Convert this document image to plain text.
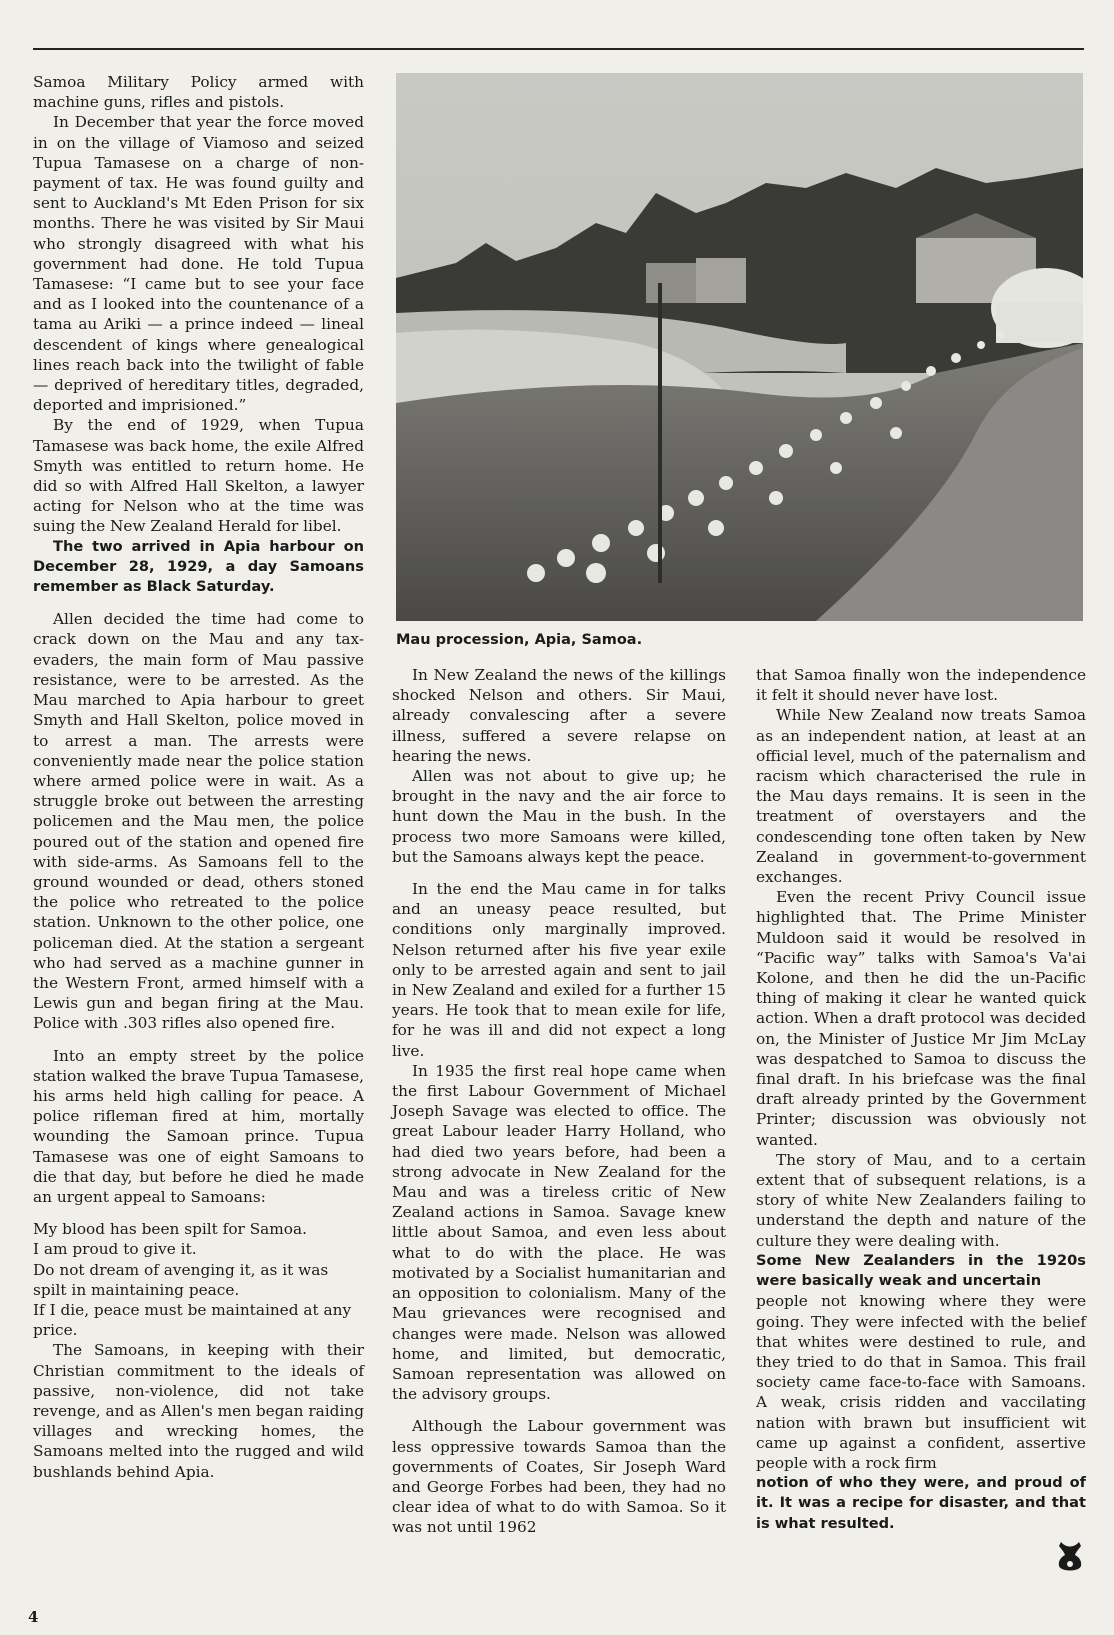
Samoa Military Policy armed with machine guns, rifles and pistols.

In December that year the force moved in on the village of Viamoso and seized Tupua Tamasese on a charge of non-payment of tax. He was found guilty and sent to Auckland's Mt Eden Prison for six months. There he was visited by Sir Maui who strongly disagreed with what his government had done. He told Tupua Tamasese: “I came but to see your face and as I looked into the countenance of a tama au Ariki — a prince indeed — lineal descendent of kings where genealogical lines reach back into the twilight of fable — deprived of hereditary titles, degraded, deported and imprisioned.”

By the end of 1929, when Tupua Tamasese was back home, the exile Alfred Smyth was entitled to return home. He did so with Alfred Hall Skelton, a lawyer acting for Nelson who at the time was suing the New Zealand Herald for libel.

The two arrived in Apia harbour on December 28, 1929, a day Samoans remember as Black Saturday.

Allen decided the time had come to crack down on the Mau and any tax-evaders, the main form of Mau passive resistance, were to be arrested. As the Mau marched to Apia harbour to greet Smyth and Hall Skelton, police moved in to arrest a man. The arrests were conveniently made near the police station where armed police were in wait. As a struggle broke out between the arresting policemen and the Mau men, the police poured out of the station and opened fire with side-arms. As Samoans fell to the ground wounded or dead, others stoned the police who retreated to the police station. Unknown to the other police, one policeman died. At the station a sergeant who had served as a machine gunner in the Western Front, armed himself with a Lewis gun and began firing at the Mau. Police with .303 rifles also opened fire.

Into an empty street by the police station walked the brave Tupua Tamasese, his arms held high calling for peace. A police rifleman fired at him, mortally wounding the Samoan prince. Tupua Tamasese was one of eight Samoans to die that day, but before he died he made an urgent appeal to Samoans:

My blood has been spilt for Samoa.

I am proud to give it.

Do not dream of avenging it, as it was spilt in maintaining peace.

If I die, peace must be maintained at any price.

The Samoans, in keeping with their Christian commitment to the ideals of passive, non-violence, did not take revenge, and as Allen's men began raiding villages and wrecking homes, the Samoans melted into the rugged and wild bushlands behind Apia.

Mau procession, Apia, Samoa.

In New Zealand the news of the killings shocked Nelson and others. Sir Maui, already convalescing after a severe illness, suffered a severe relapse on hearing the news.

Allen was not about to give up; he brought in the navy and the air force to hunt down the Mau in the bush. In the process two more Samoans were killed, but the Samoans always kept the peace.

In the end the Mau came in for talks and an uneasy peace resulted, but conditions only marginally improved. Nelson returned after his five year exile only to be arrested again and sent to jail in New Zealand and exiled for a further 15 years. He took that to mean exile for life, for he was ill and did not expect a long live.

In 1935 the first real hope came when the first Labour Government of Michael Joseph Savage was elected to office. The great Labour leader Harry Holland, who had died two years before, had been a strong advocate in New Zealand for the Mau and was a tireless critic of New Zealand actions in Samoa. Savage knew little about Samoa, and even less about what to do with the place. He was motivated by a Socialist humanitarian and an opposition to colonialism. Many of the Mau grievances were recognised and changes were made. Nelson was allowed home, and limited, but democratic, Samoan representation was allowed on the advisory groups.

Although the Labour government was less oppressive towards Samoa than the governments of Coates, Sir Joseph Ward and George Forbes had been, they had no clear idea of what to do with Samoa. So it was not until 1962

that Samoa finally won the independence it felt it should never have lost.

While New Zealand now treats Samoa as an independent nation, at least at an official level, much of the paternalism and racism which characterised the rule in the Mau days remains. It is seen in the treatment of overstayers and the condescending tone often taken by New Zealand in government-to-government exchanges.

Even the recent Privy Council issue highlighted that. The Prime Minister Muldoon said it would be resolved in “Pacific way” talks with Samoa's Va'ai Kolone, and then he did the un-Pacific thing of making it clear he wanted quick action. When a draft protocol was decided on, the Minister of Justice Mr Jim McLay was despatched to Samoa to discuss the final draft. In his briefcase was the final draft already printed by the Government Printer; discussion was obviously not wanted.

The story of Mau, and to a certain extent that of subsequent relations, is a story of white New Zealanders failing to understand the depth and nature of the culture they were dealing with.

Some New Zealanders in the 1920s were basically weak and uncertain

people not knowing where they were going. They were infected with the belief that whites were destined to rule, and they tried to do that in Samoa. This frail society came face-to-face with Samoans. A weak, crisis ridden and vaccilating nation with brawn but insufficient wit came up against a confident, assertive people with a rock firm

notion of who they were, and proud of it. It was a recipe for disaster, and that is what resulted.

4
